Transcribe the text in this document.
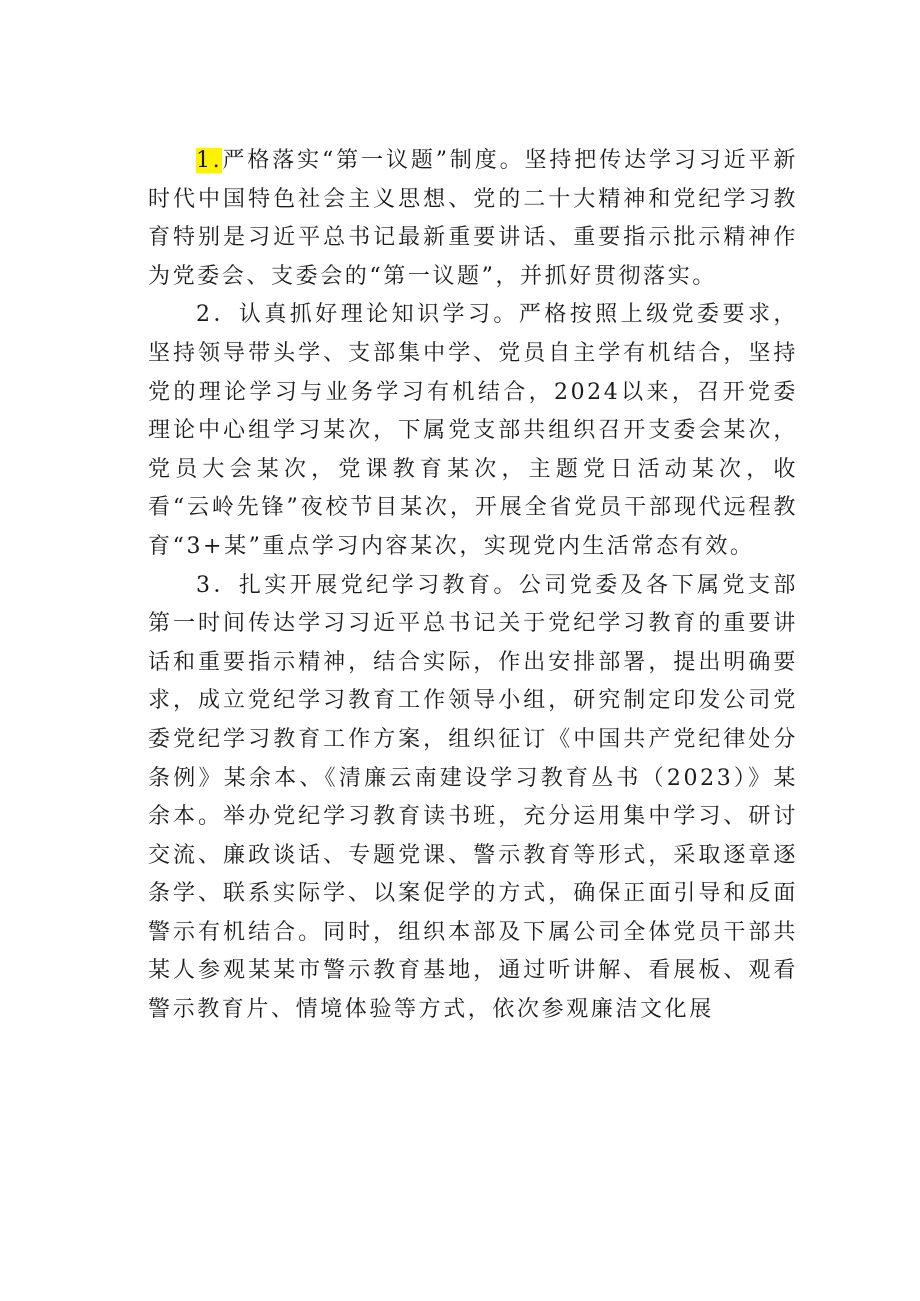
1.严格落实“第一议题”制度。坚持把传达学习习近平新时代中国特色社会主义思想、党的二十大精神和党纪学习教育特别是习近平总书记最新重要讲话、重要指示批示精神作为党委会、支委会的“第一议题”，并抓好贯彻落实。

2．认真抓好理论知识学习。严格按照上级党委要求，坚持领导带头学、支部集中学、党员自主学有机结合，坚持党的理论学习与业务学习有机结合，2024以来，召开党委理论中心组学习某次，下属党支部共组织召开支委会某次，党员大会某次，党课教育某次，主题党日活动某次，收看“云岭先锋”夜校节目某次，开展全省党员干部现代远程教育“3+某”重点学习内容某次，实现党内生活常态有效。

3．扎实开展党纪学习教育。公司党委及各下属党支部第一时间传达学习习近平总书记关于党纪学习教育的重要讲话和重要指示精神，结合实际，作出安排部署，提出明确要求，成立党纪学习教育工作领导小组，研究制定印发公司党委党纪学习教育工作方案，组织征订《中国共产党纪律处分条例》某余本、《清廉云南建设学习教育丛书（2023）》某余本。举办党纪学习教育读书班，充分运用集中学习、研讨交流、廉政谈话、专题党课、警示教育等形式，采取逐章逐条学、联系实际学、以案促学的方式，确保正面引导和反面警示有机结合。同时，组织本部及下属公司全体党员干部共某人参观某某市警示教育基地，通过听讲解、看展板、观看警示教育片、情境体验等方式，依次参观廉洁文化展
